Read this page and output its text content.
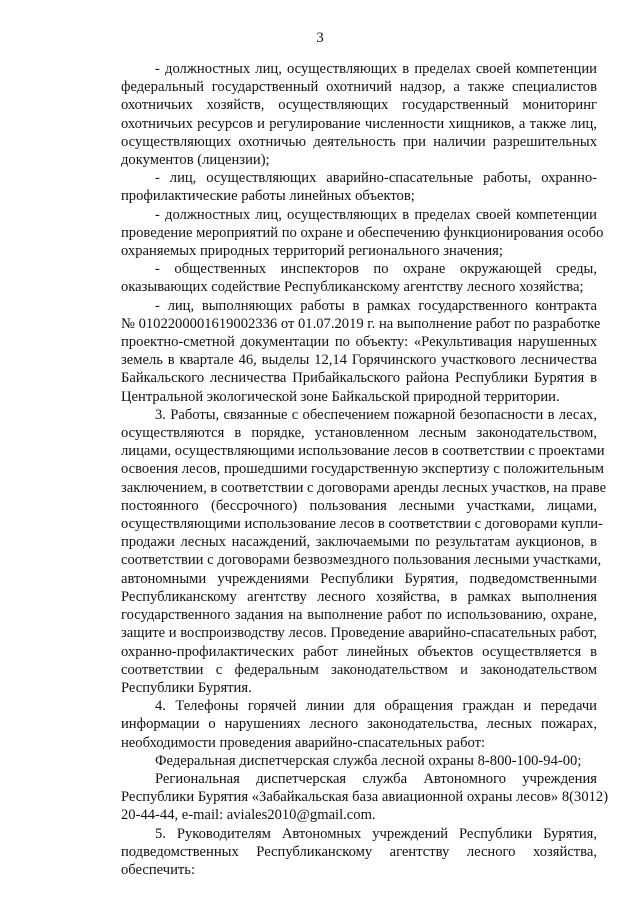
3
- должностных лиц, осуществляющих в пределах своей компетенции
федеральный государственный охотничий надзор, а также специалистов
охотничьих хозяйств, осуществляющих государственный мониторинг
охотничьих ресурсов и регулирование численности хищников, а также лиц,
осуществляющих охотничью деятельность при наличии разрешительных
документов (лицензии);
- лиц, осуществляющих аварийно-спасательные работы, охранно-
профилактические работы линейных объектов;
- должностных лиц, осуществляющих в пределах своей компетенции
проведение мероприятий по охране и обеспечению функционирования особо
охраняемых природных территорий регионального значения;
- общественных инспекторов по охране окружающей среды,
оказывающих содействие Республиканскому агентству лесного хозяйства;
- лиц, выполняющих работы в рамках государственного контракта
№ 0102200001619002336 от 01.07.2019 г. на выполнение работ по разработке
проектно-сметной документации по объекту: «Рекультивация нарушенных
земель в квартале 46, выделы 12,14 Горячинского участкового лесничества
Байкальского лесничества Прибайкальского района Республики Бурятия в
Центральной экологической зоне Байкальской природной территории.
3. Работы, связанные с обеспечением пожарной безопасности в лесах,
осуществляются в порядке, установленном лесным законодательством,
лицами, осуществляющими использование лесов в соответствии с проектами
освоения лесов, прошедшими государственную экспертизу с положительным
заключением, в соответствии с договорами аренды лесных участков, на праве
постоянного (бессрочного) пользования лесными участками, лицами,
осуществляющими использование лесов в соответствии с договорами купли-
продажи лесных насаждений, заключаемыми по результатам аукционов, в
соответствии с договорами безвозмездного пользования лесными участками,
автономными учреждениями Республики Бурятия, подведомственными
Республиканскому агентству лесного хозяйства, в рамках выполнения
государственного задания на выполнение работ по использованию, охране,
защите и воспроизводству лесов. Проведение аварийно-спасательных работ,
охранно-профилактических работ линейных объектов осуществляется в
соответствии с федеральным законодательством и законодательством
Республики Бурятия.
4. Телефоны горячей линии для обращения граждан и передачи
информации о нарушениях лесного законодательства, лесных пожарах,
необходимости проведения аварийно-спасательных работ:
Федеральная диспетчерская служба лесной охраны 8-800-100-94-00;
Региональная диспетчерская служба Автономного учреждения
Республики Бурятия «Забайкальская база авиационной охраны лесов» 8(3012)
20-44-44, e-mail: aviales2010@gmail.com.
5. Руководителям Автономных учреждений Республики Бурятия,
подведомственных Республиканскому агентству лесного хозяйства,
обеспечить:
